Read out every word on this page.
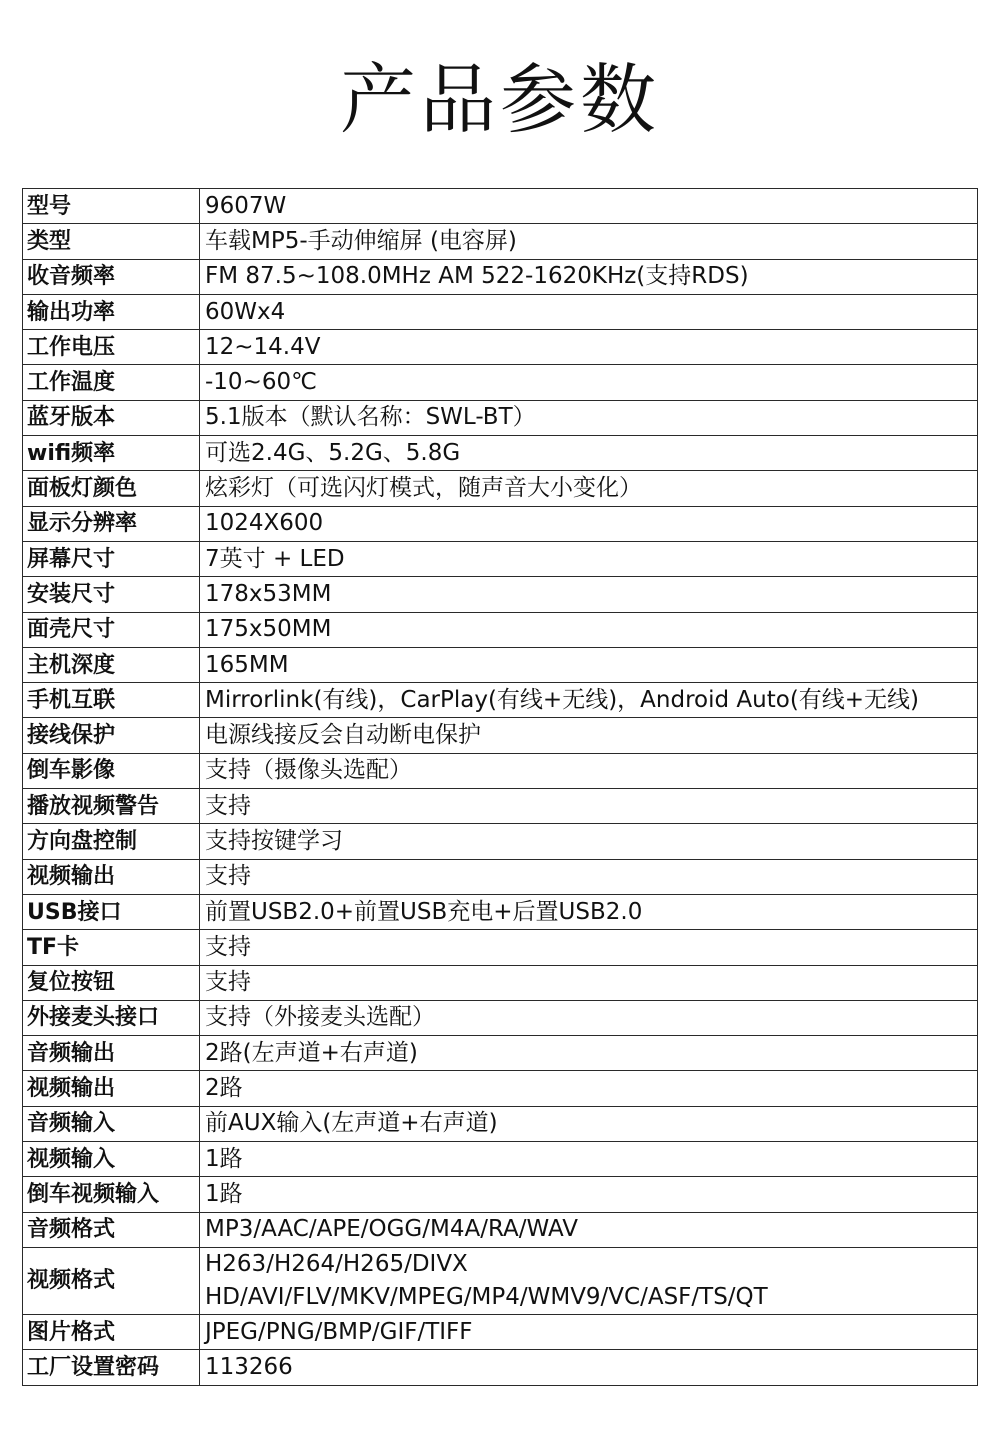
产品参数
型号	9607W
类型	车载MP5-手动伸缩屏 (电容屏)
收音频率	FM 87.5~108.0MHz AM 522-1620KHz(支持RDS)
输出功率	60Wx4
工作电压	12~14.4V
工作温度	-10~60℃
蓝牙版本	5.1版本（默认名称：SWL-BT）
wifi频率	可选2.4G、5.2G、5.8G
面板灯颜色	炫彩灯（可选闪灯模式，随声音大小变化）
显示分辨率	1024X600
屏幕尺寸	7英寸 + LED
安装尺寸	178x53MM
面壳尺寸	175x50MM
主机深度	165MM
手机互联	Mirrorlink(有线)，CarPlay(有线+无线)，Android Auto(有线+无线)
接线保护	电源线接反会自动断电保护
倒车影像	支持（摄像头选配）
播放视频警告	支持
方向盘控制	支持按键学习
视频输出	支持
USB接口	前置USB2.0+前置USB充电+后置USB2.0
TF卡	支持
复位按钮	支持
外接麦头接口	支持（外接麦头选配）
音频输出	2路(左声道+右声道)
视频输出	2路
音频输入	前AUX输入(左声道+右声道)
视频输入	1路
倒车视频输入	1路
音频格式	MP3/AAC/APE/OGG/M4A/RA/WAV
视频格式	H263/H264/H265/DIVX HD/AVI/FLV/MKV/MPEG/MP4/WMV9/VC/ASF/TS/QT
图片格式	JPEG/PNG/BMP/GIF/TIFF
工厂设置密码	113266
